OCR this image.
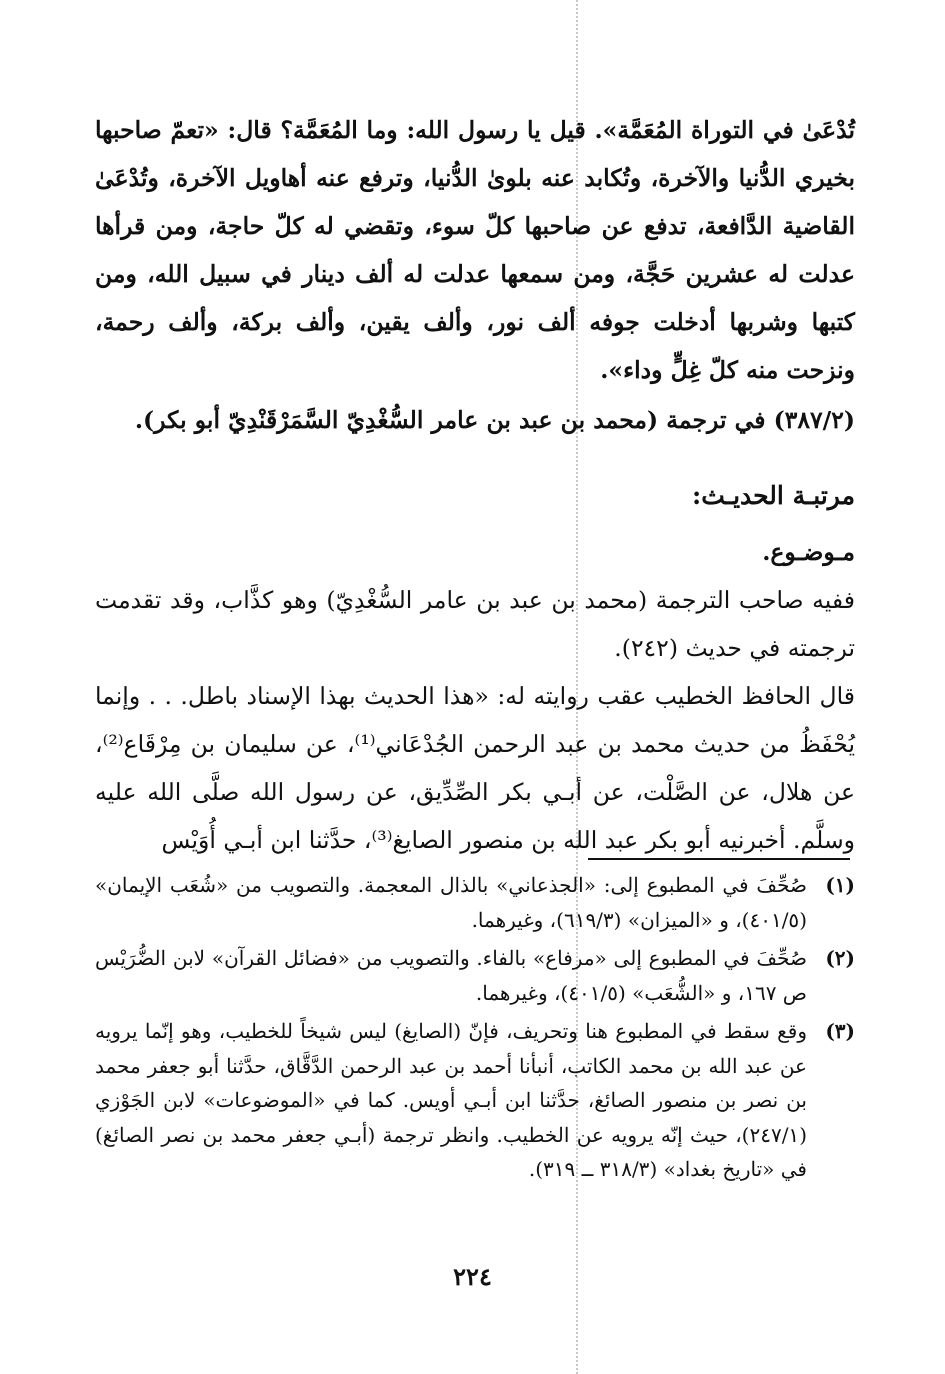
تُدْعَىٰ في التوراة المُعَمَّة». قيل يا رسول الله: وما المُعَمَّة؟ قال: «تعمّ صاحبها بخيري الدُّنيا والآخرة، وتُكابد عنه بلوىٰ الدُّنيا، وترفع عنه أهاويل الآخرة، وتُدْعَىٰ القاضية الدَّافعة، تدفع عن صاحبها كلّ سوء، وتقضي له كلّ حاجة، ومن قرأها عدلت له عشرين حَجَّة، ومن سمعها عدلت له ألف دينار في سبيل الله، ومن كتبها وشربها أدخلت جوفه ألف نور، وألف يقين، وألف بركة، وألف رحمة، ونزحت منه كلّ غِلٍّ وداء».

(٣٨٧/٢) في ترجمة (محمد بن عبد بن عامر السُّغْدِيّ السَّمَرْقَنْدِيّ أبو بكر).

مرتبـة الحديـث:

مـوضـوع.

ففيه صاحب الترجمة (محمد بن عبد بن عامر السُّغْدِيّ) وهو كذَّاب، وقد تقدمت ترجمته في حديث (٢٤٢).

قال الحافظ الخطيب عقب روايته له: «هذا الحديث بهذا الإسناد باطل. . . وإنما يُحْفَظُ من حديث محمد بن عبد الرحمن الجُدْعَاني⁽¹⁾، عن سليمان بن مِرْقَاع⁽²⁾، عن هلال، عن الصَّلْت، عن أبـي بكر الصِّدِّيق، عن رسول الله صلَّى الله عليه وسلَّم. أخبرنيه أبو بكر عبد الله بن منصور الصايغ⁽³⁾، حدَّثنا ابن أبـي أُوَيْس

(١)
صُحِّفَ في المطبوع إلى: «الجذعاني» بالذال المعجمة. والتصويب من «شُعَب الإيمان» (٤٠١/٥)، و «الميزان» (٦١٩/٣)، وغيرهما.
(٢)
صُحِّفَ في المطبوع إلى «مرفاع» بالفاء. والتصويب من «فضائل القرآن» لابن الضُّرَيْس ص ١٦٧، و «الشُّعَب» (٤٠١/٥)، وغيرهما.
(٣)
وقع سقط في المطبوع هنا وتحريف، فإنّ (الصايغ) ليس شيخاً للخطيب، وهو إنّما يرويه عن عبد الله بن محمد الكاتب، أنبأنا أحمد بن عبد الرحمن الدَّقَّاق، حدَّثنا أبو جعفر محمد بن نصر بن منصور الصائغ، حدَّثنا ابن أبـي أويس. كما في «الموضوعات» لابن الجَوْزي (٢٤٧/١)، حيث إنّه يرويه عن الخطيب. وانظر ترجمة (أبـي جعفر محمد بن نصر الصائغ) في «تاريخ بغداد» (٣١٨/٣ ــ ٣١٩).
٢٢٤
